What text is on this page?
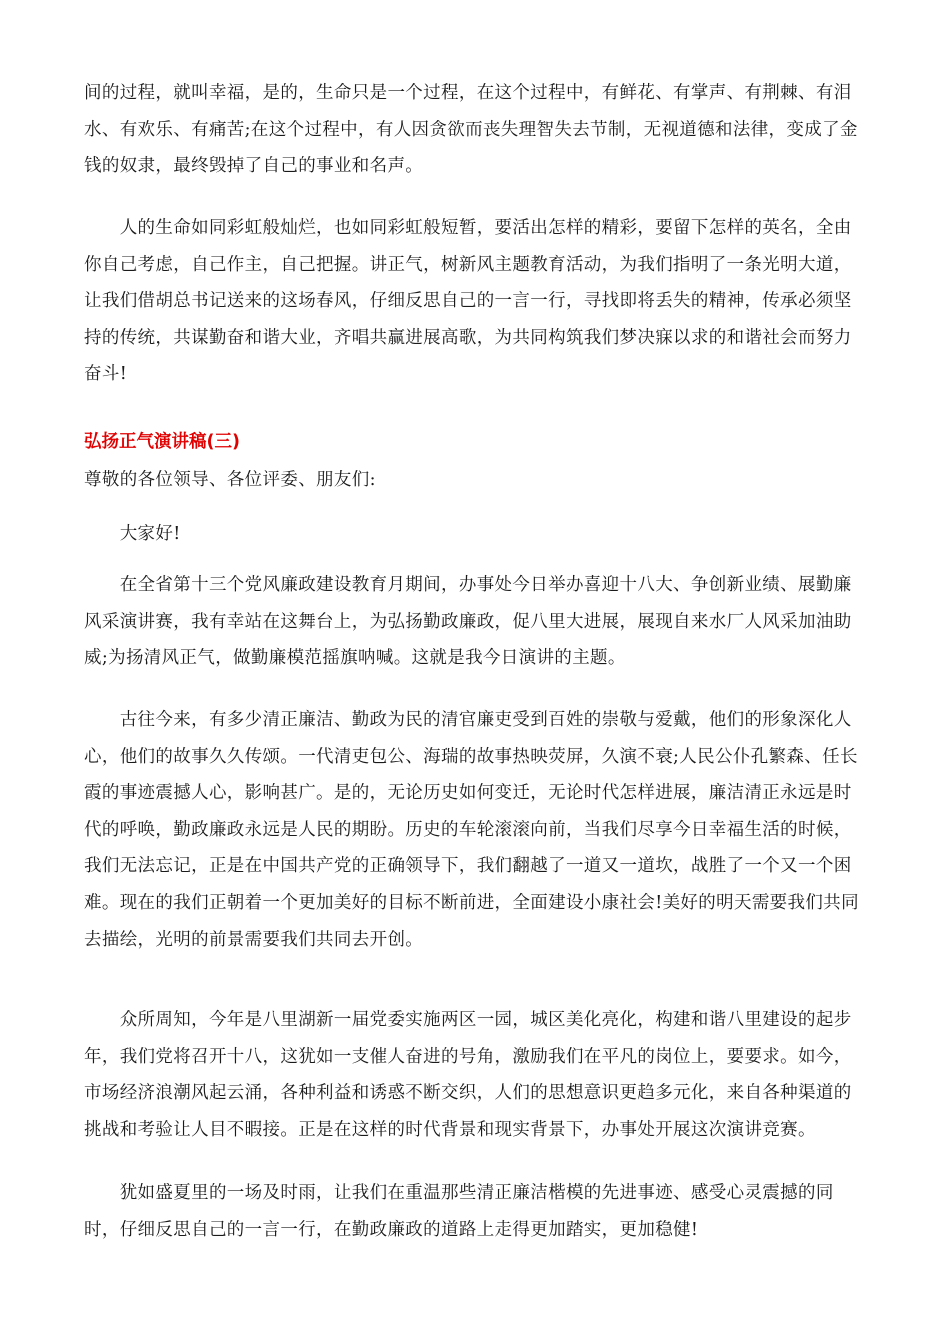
间的过程，就叫幸福，是的，生命只是一个过程，在这个过程中，有鲜花、有掌声、有荆棘、有泪
水、有欢乐、有痛苦;在这个过程中，有人因贪欲而丧失理智失去节制，无视道德和法律，变成了金
钱的奴隶，最终毁掉了自己的事业和名声。
　　人的生命如同彩虹般灿烂，也如同彩虹般短暂，要活出怎样的精彩，要留下怎样的英名，全由
你自己考虑，自己作主，自己把握。讲正气，树新风主题教育活动，为我们指明了一条光明大道，
让我们借胡总书记送来的这场春风，仔细反思自己的一言一行，寻找即将丢失的精神，传承必须坚
持的传统，共谋勤奋和谐大业，齐唱共赢进展高歌，为共同构筑我们梦决寐以求的和谐社会而努力
奋斗!
弘扬正气演讲稿(三)
尊敬的各位领导、各位评委、朋友们:
　　大家好!
　　在全省第十三个党风廉政建设教育月期间，办事处今日举办喜迎十八大、争创新业绩、展勤廉
风采演讲赛，我有幸站在这舞台上，为弘扬勤政廉政，促八里大进展，展现自来水厂人风采加油助
威;为扬清风正气，做勤廉模范摇旗呐喊。这就是我今日演讲的主题。
　　古往今来，有多少清正廉洁、勤政为民的清官廉吏受到百姓的崇敬与爱戴，他们的形象深化人
心，他们的故事久久传颂。一代清吏包公、海瑞的故事热映荧屏，久演不衰;人民公仆孔繁森、任长
霞的事迹震撼人心，影响甚广。是的，无论历史如何变迁，无论时代怎样进展，廉洁清正永远是时
代的呼唤，勤政廉政永远是人民的期盼。历史的车轮滚滚向前，当我们尽享今日幸福生活的时候，
我们无法忘记，正是在中国共产党的正确领导下，我们翻越了一道又一道坎，战胜了一个又一个困
难。现在的我们正朝着一个更加美好的目标不断前进，全面建设小康社会!美好的明天需要我们共同
去描绘，光明的前景需要我们共同去开创。
　　众所周知，今年是八里湖新一届党委实施两区一园，城区美化亮化，构建和谐八里建设的起步
年，我们党将召开十八，这犹如一支催人奋进的号角，激励我们在平凡的岗位上，要要求。如今，
市场经济浪潮风起云涌，各种利益和诱惑不断交织，人们的思想意识更趋多元化，来自各种渠道的
挑战和考验让人目不暇接。正是在这样的时代背景和现实背景下，办事处开展这次演讲竞赛。
　　犹如盛夏里的一场及时雨，让我们在重温那些清正廉洁楷模的先进事迹、感受心灵震撼的同
时，仔细反思自己的一言一行，在勤政廉政的道路上走得更加踏实，更加稳健!
